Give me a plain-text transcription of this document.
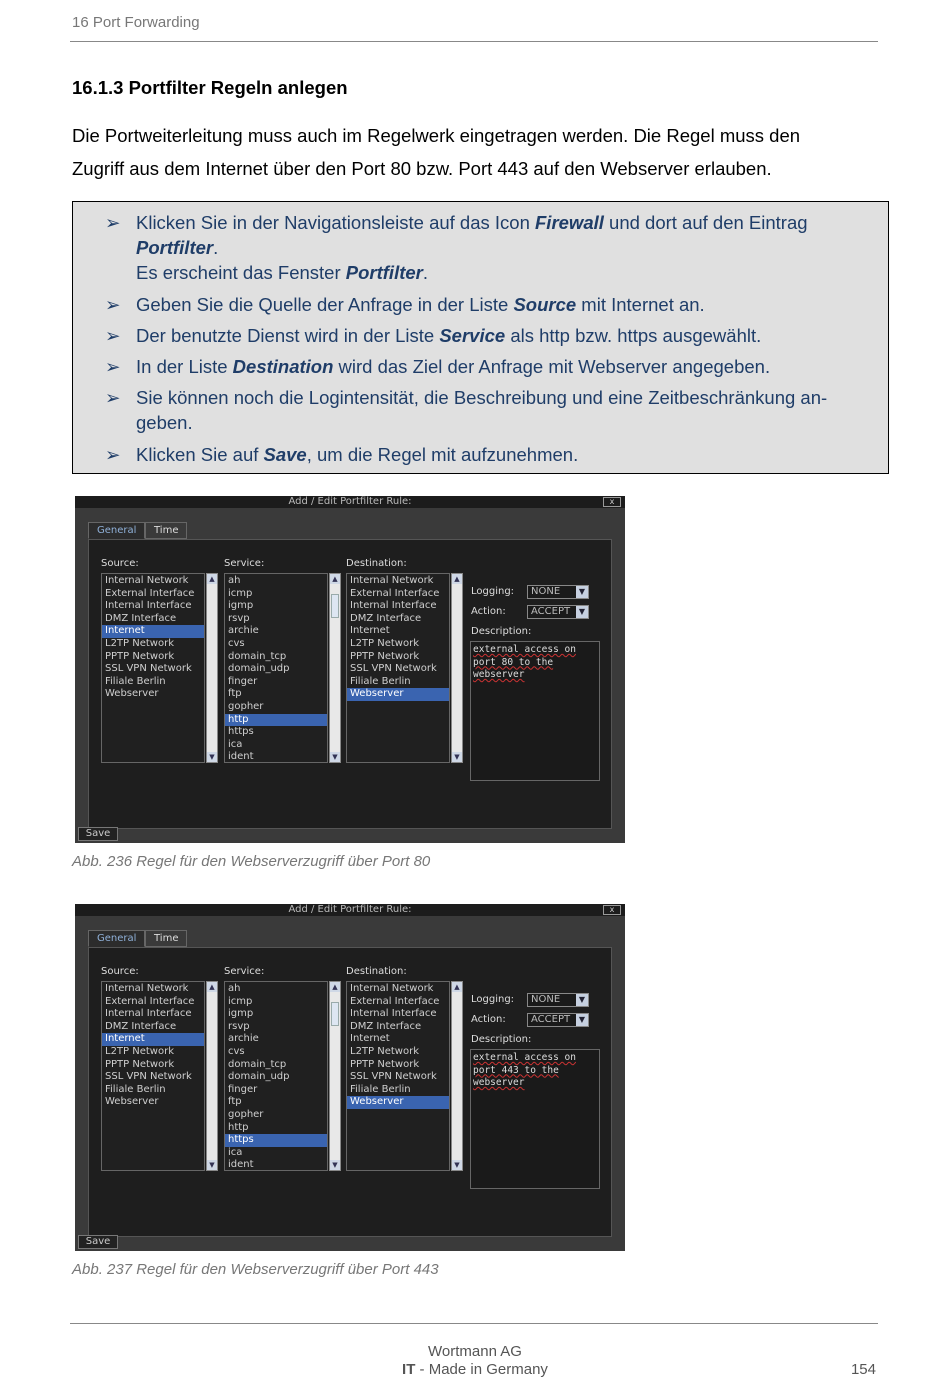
16 Port Forwarding
16.1.3 Portfilter Regeln anlegen
Die Portweiterleitung muss auch im Regelwerk eingetragen werden. Die Regel muss den
Zugriff aus dem Internet über den Port 80 bzw. Port 443 auf den Webserver erlauben.
➢ Klicken Sie in der Navigationsleiste auf das Icon Firewall und dort auf den Eintrag
Portfilter.
Es erscheint das Fenster Portfilter.
➢ Geben Sie die Quelle der Anfrage in der Liste Source mit Internet an.
➢ Der benutzte Dienst wird in der Liste Service als http bzw. https ausgewählt.
➢ In der Liste Destination wird das Ziel der Anfrage mit Webserver angegeben.
➢ Sie können noch die Logintensität, die Beschreibung und eine Zeitbeschränkung an-
geben.
➢ Klicken Sie auf Save, um die Regel mit aufzunehmen.
Add / Edit Portfilter Rule:	x
General	Time
Source:	Service:	Destination:
Logging:
Action:
Description:
Internal Network
External Interface
Internal Interface
DMZ Interface
Internet
L2TP Network
PPTP Network
SSL VPN Network
Filiale Berlin
Webserver
▲
▼
ah
icmp
igmp
rsvp
archie
cvs
domain_tcp
domain_udp
finger
ftp
gopher
http
https
ica
ident
▲
▼
Internal Network
External Interface
Internal Interface
DMZ Interface
Internet
L2TP Network
PPTP Network
SSL VPN Network
Filiale Berlin
Webserver
▲
▼
NONE	▼
ACCEPT	▼
external access on
port 80 to the
webserver
Save
Abb. 236 Regel für den Webserverzugriff über Port 80
Add / Edit Portfilter Rule:	x
General	Time
Source:	Service:	Destination:
Logging:
Action:
Description:
Internal Network
External Interface
Internal Interface
DMZ Interface
Internet
L2TP Network
PPTP Network
SSL VPN Network
Filiale Berlin
Webserver
▲
▼
ah
icmp
igmp
rsvp
archie
cvs
domain_tcp
domain_udp
finger
ftp
gopher
http
https
ica
ident
▲
▼
Internal Network
External Interface
Internal Interface
DMZ Interface
Internet
L2TP Network
PPTP Network
SSL VPN Network
Filiale Berlin
Webserver
▲
▼
NONE	▼
ACCEPT	▼
external access on
port 443 to the
webserver
Save
Abb. 237 Regel für den Webserverzugriff über Port 443
Wortmann AG
IT - Made in Germany	154
